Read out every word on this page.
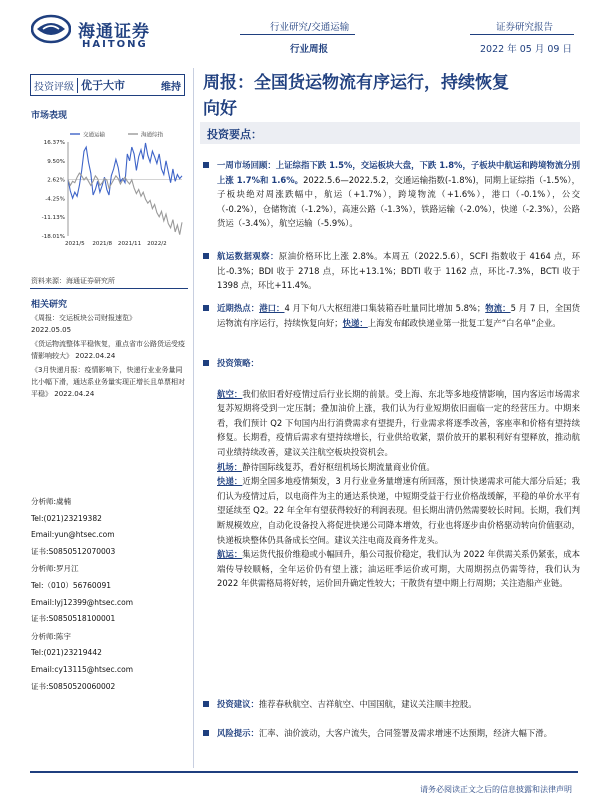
海通证券
HAITONG
行业研究/交通运输
行业周报
证券研究报告
2022 年 05 月 09 日
投资评级 优于大市	维持
市场表现
交通运输	海通综指
16.37%
9.50%
2.62%
-4.25%
-11.13%
-18.01%
2021/5 2021/8 2021/11 2022/2
资料来源：海通证券研究所
相关研究
《周报：交运板块公司财报速览》
2022.05.05
《货运物流整体平稳恢复，重点省市公路货运受疫情影响较大》 2022.04.24
《3月快递月报：疫情影响下，快递行业业务量同比小幅下滑，通达系业务量实现正增长且单票相对平稳》 2022.04.24
分析师:虞楠
Tel:(021)23219382
Email:yun@htsec.com
证书:S0850512070003
分析师:罗月江
Tel:（010）56760091
Email:lyj12399@htsec.com
证书:S0850518100001
分析师:陈宇
Tel:(021)23219442
Email:cy13115@htsec.com
证书:S0850520060002
周报：全国货运物流有序运行，持续恢复
向好
投资要点：
一周市场回顾：上证综指下跌 1.5%，交运板块大盘，下跌 1.8%，子板块中航运和跨境物流分别上涨 1.7%和 1.6%。2022.5.6—2022.5.2，交通运输指数(-1.8%)，同期上证综指（-1.5%），子板块绝对周涨跌幅中，航运（+1.7%），跨境物流（+1.6%），港口（-0.1%），公交（-0.2%），仓储物流（-1.2%），高速公路（-1.3%），铁路运输（-2.0%），快递（-2.3%），公路货运（-3.4%），航空运输（-5.9%）。
航运数据观察：原油价格环比上涨 2.8%。本周五（2022.5.6），SCFI 指数收于 4164 点，环比-0.3%；BDI 收于 2718 点，环比+13.1%；BDTI 收于 1162 点，环比-7.3%，BCTI 收于 1398 点，环比+11.4%。
近期热点：港口：4 月下旬八大枢纽港口集装箱吞吐量同比增加 5.8%；物流：5 月 7 日，全国货运物流有序运行，持续恢复向好；快递：上海发布邮政快递业第一批复工复产“白名单”企业。
投资策略：
航空：我们依旧看好疫情过后行业长期的前景。受上海、东北等多地疫情影响，国内客运市场需求复苏短期将受到一定压制；叠加油价上涨，我们认为行业短期依旧面临一定的经营压力。中期来看，我们预计 Q2 下旬国内出行消费需求有望提升，行业需求将逐季改善，客座率和价格有望持续修复。长期看，疫情后需求有望持续增长，行业供给收紧，票价放开的累积利好有望释放，推动航司业绩持续改善，建议关注航空板块投资机会。
机场：静待国际线复苏，看好枢纽机场长期流量商业价值。
快递：近期全国多地疫情频发，3 月行业业务量增速有所回落，预计快递需求可能大部分后延；我们认为疫情过后，以电商件为主的通达系快递，中短期受益于行业价格战缓解，平稳的单价水平有望延续至 Q2。22 年全年有望获得较好的利润表现。但长期出清仍然需要较长时间。长期，我们判断规模效应，自动化设备投入将促进快递公司降本增效，行业也将逐步由价格驱动转向价值驱动，快递板块整体仍具备成长空间。建议关注电商及商务件龙头。
航运：集运货代报价维稳或小幅回升，船公司报价稳定，我们认为 2022 年供需关系仍紧张，成本端传导较顺畅，全年运价仍有望上涨；油运旺季运价或可期，大周期拐点仍需等待，我们认为 2022 年供需格局将好转，运价回升确定性较大；干散货有望中期上行周期；关注造船产业链。
投资建议：推荐春秋航空、吉祥航空、中国国航，建议关注顺丰控股。
风险提示：汇率、油价波动，大客户流失，合同签署及需求增速不达预期，经济大幅下滑。
请务必阅读正文之后的信息披露和法律声明
